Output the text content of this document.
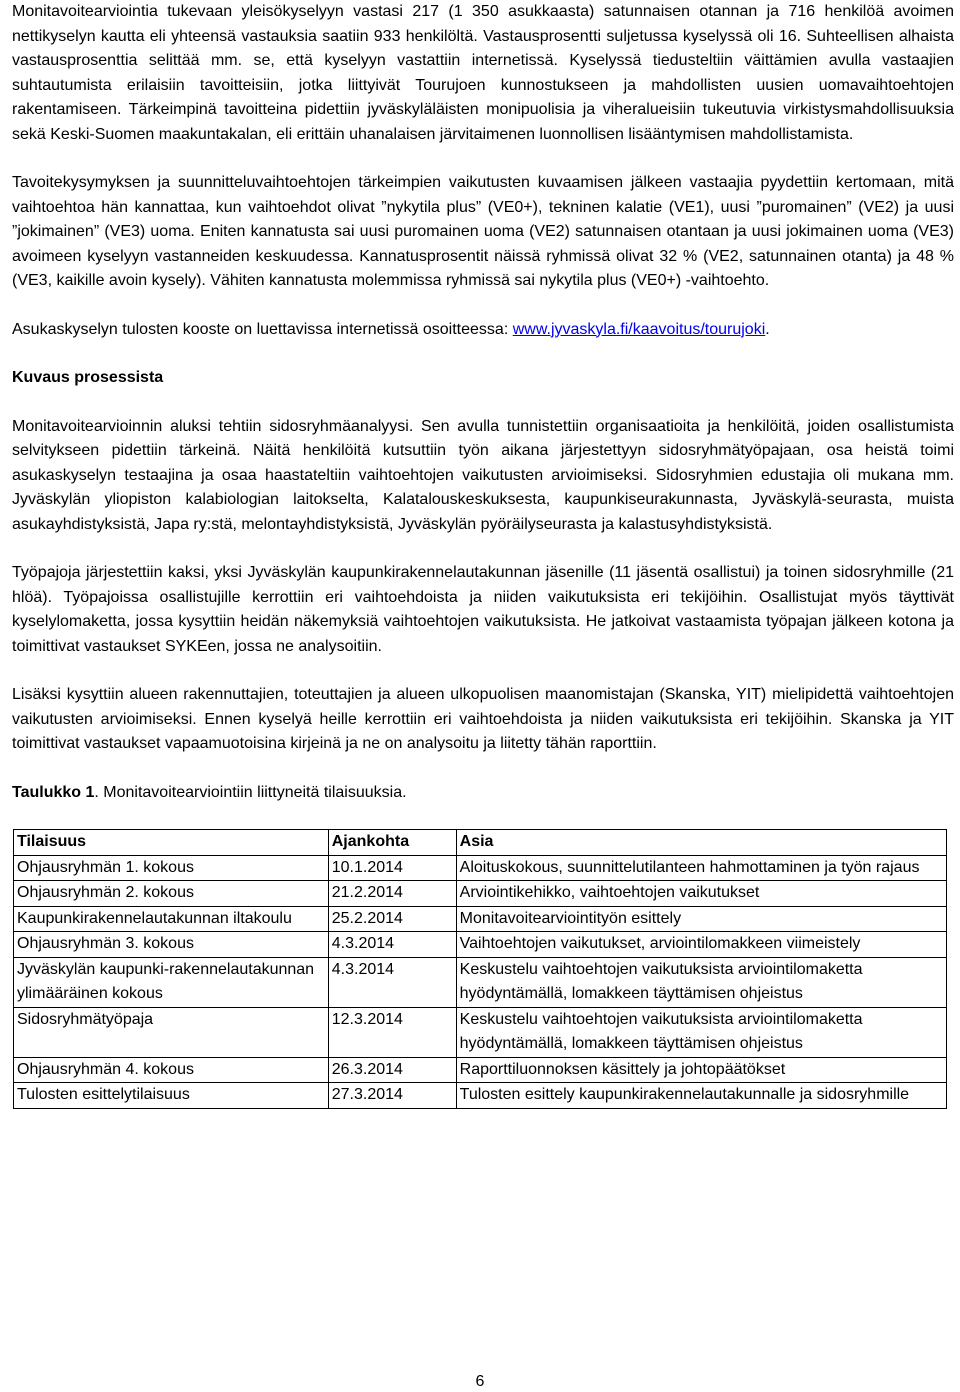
Monitavoitearviointia tukevaan yleisökyselyyn vastasi 217 (1 350 asukkaasta) satunnaisen otannan ja 716 henkilöä avoimen nettikyselyn kautta eli yhteensä vastauksia saatiin 933 henkilöltä. Vastausprosentti suljetussa kyselyssä oli 16. Suhteellisen alhaista vastausprosenttia selittää mm. se, että kyselyyn vastattiin internetissä. Kyselyssä tiedusteltiin väittämien avulla vastaajien suhtautumista erilaisiin tavoitteisiin, jotka liittyivät Tourujoen kunnostukseen ja mahdollisten uusien uomavaihtoehtojen rakentamiseen. Tärkeimpinä tavoitteina pidettiin jyväskyläläisten monipuolisia ja viheralueisiin tukeutuvia virkistysmahdollisuuksia sekä Keski-Suomen maakuntakalan, eli erittäin uhanalaisen järvitaimenen luonnollisen lisääntymisen mahdollistamista.

Tavoitekysymyksen ja suunnitteluvaihtoehtojen tärkeimpien vaikutusten kuvaamisen jälkeen vastaajia pyydettiin kertomaan, mitä vaihtoehtoa hän kannattaa, kun vaihtoehdot olivat ”nykytila plus” (VE0+), tekninen kalatie (VE1), uusi ”puromainen” (VE2) ja uusi ”jokimainen” (VE3) uoma. Eniten kannatusta sai uusi puromainen uoma (VE2) satunnaisen otantaan ja uusi jokimainen uoma (VE3) avoimeen kyselyyn vastanneiden keskuudessa. Kannatusprosentit näissä ryhmissä olivat 32 % (VE2, satunnainen otanta) ja 48 % (VE3, kaikille avoin kysely). Vähiten kannatusta molemmissa ryhmissä sai nykytila plus (VE0+) -vaihtoehto.

Asukaskyselyn tulosten kooste on luettavissa internetissä osoitteessa: www.jyvaskyla.fi/kaavoitus/tourujoki.

Kuvaus prosessista

Monitavoitearvioinnin aluksi tehtiin sidosryhmäanalyysi. Sen avulla tunnistettiin organisaatioita ja henkilöitä, joiden osallistumista selvitykseen pidettiin tärkeinä. Näitä henkilöitä kutsuttiin työn aikana järjestettyyn sidosryhmätyöpajaan, osa heistä toimi asukaskyselyn testaajina ja osaa haastateltiin vaihtoehtojen vaikutusten arvioimiseksi. Sidosryhmien edustajia oli mukana mm. Jyväskylän yliopiston kalabiologian laitokselta, Kalatalouskeskuksesta, kaupunkiseurakunnasta, Jyväskylä-seurasta, muista asukayhdistyksistä, Japa ry:stä, melontayhdistyksistä, Jyväskylän pyöräilyseurasta ja kalastusyhdistyksistä.

Työpajoja järjestettiin kaksi, yksi Jyväskylän kaupunkirakennelautakunnan jäsenille (11 jäsentä osallistui) ja toinen sidosryhmille (21 hlöä). Työpajoissa osallistujille kerrottiin eri vaihtoehdoista ja niiden vaikutuksista eri tekijöihin. Osallistujat myös täyttivät kyselylomaketta, jossa kysyttiin heidän näkemyksiä vaihtoehtojen vaikutuksista. He jatkoivat vastaamista työpajan jälkeen kotona ja toimittivat vastaukset SYKEen, jossa ne analysoitiin.

Lisäksi kysyttiin alueen rakennuttajien, toteuttajien ja alueen ulkopuolisen maanomistajan (Skanska, YIT) mielipidettä vaihtoehtojen vaikutusten arvioimiseksi. Ennen kyselyä heille kerrottiin eri vaihtoehdoista ja niiden vaikutuksista eri tekijöihin. Skanska ja YIT toimittivat vastaukset vapaamuotoisina kirjeinä ja ne on analysoitu ja liitetty tähän raporttiin.

Taulukko 1. Monitavoitearviointiin liittyneitä tilaisuuksia.

Tilaisuus	Ajankohta	Asia
Ohjausryhmän 1. kokous	10.1.2014	Aloituskokous, suunnittelutilanteen hahmottaminen ja työn rajaus
Ohjausryhmän 2. kokous	21.2.2014	Arviointikehikko, vaihtoehtojen vaikutukset
Kaupunkirakennelautakunnan iltakoulu	25.2.2014	Monitavoitearviointityön esittely
Ohjausryhmän 3. kokous	4.3.2014	Vaihtoehtojen vaikutukset, arviointilomakkeen viimeistely
Jyväskylän kaupunki-rakennelautakunnan ylimääräinen kokous	4.3.2014	Keskustelu vaihtoehtojen vaikutuksista arviointilomaketta hyödyntämällä, lomakkeen täyttämisen ohjeistus
Sidosryhmätyöpaja	12.3.2014	Keskustelu vaihtoehtojen vaikutuksista arviointilomaketta hyödyntämällä, lomakkeen täyttämisen ohjeistus
Ohjausryhmän 4. kokous	26.3.2014	Raporttiluonnoksen käsittely ja johtopäätökset
Tulosten esittelytilaisuus	27.3.2014	Tulosten esittely kaupunkirakennelautakunnalle ja sidosryhmille
6
